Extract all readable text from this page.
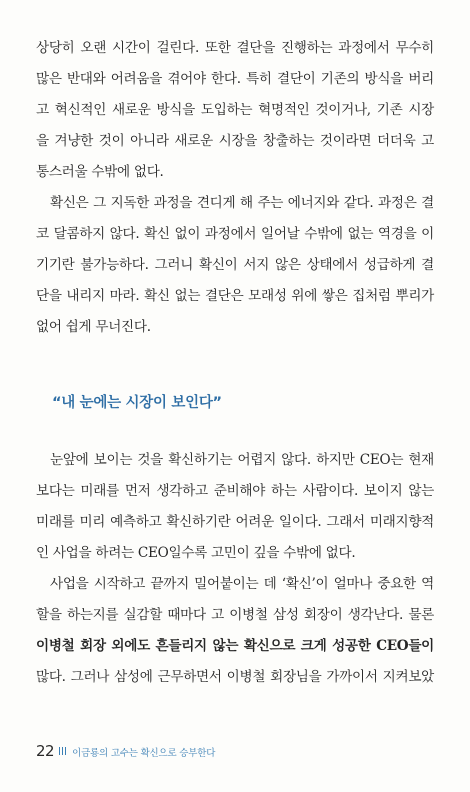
상당히 오랜 시간이 걸린다. 또한 결단을 진행하는 과정에서 무수히
많은 반대와 어려움을 겪어야 한다. 특히 결단이 기존의 방식을 버리
고 혁신적인 새로운 방식을 도입하는 혁명적인 것이거나, 기존 시장
을 겨냥한 것이 아니라 새로운 시장을 창출하는 것이라면 더더욱 고
통스러울 수밖에 없다.
확신은 그 지독한 과정을 견디게 해 주는 에너지와 같다. 과정은 결
코 달콤하지 않다. 확신 없이 과정에서 일어날 수밖에 없는 역경을 이
기기란 불가능하다. 그러니 확신이 서지 않은 상태에서 성급하게 결
단을 내리지 마라. 확신 없는 결단은 모래성 위에 쌓은 집처럼 뿌리가
없어 쉽게 무너진다.
“내 눈에는 시장이 보인다”
눈앞에 보이는 것을 확신하기는 어렵지 않다. 하지만 CEO는 현재
보다는 미래를 먼저 생각하고 준비해야 하는 사람이다. 보이지 않는
미래를 미리 예측하고 확신하기란 어려운 일이다. 그래서 미래지향적
인 사업을 하려는 CEO일수록 고민이 깊을 수밖에 없다.
사업을 시작하고 끝까지 밀어붙이는 데 ‘확신’이 얼마나 중요한 역
할을 하는지를 실감할 때마다 고 이병철 삼성 회장이 생각난다. 물론
이병철 회장 외에도 흔들리지 않는 확신으로 크게 성공한 CEO들이
많다. 그러나 삼성에 근무하면서 이병철 회장님을 가까이서 지켜보았
22 이금룡의 고수는 확신으로 승부한다
